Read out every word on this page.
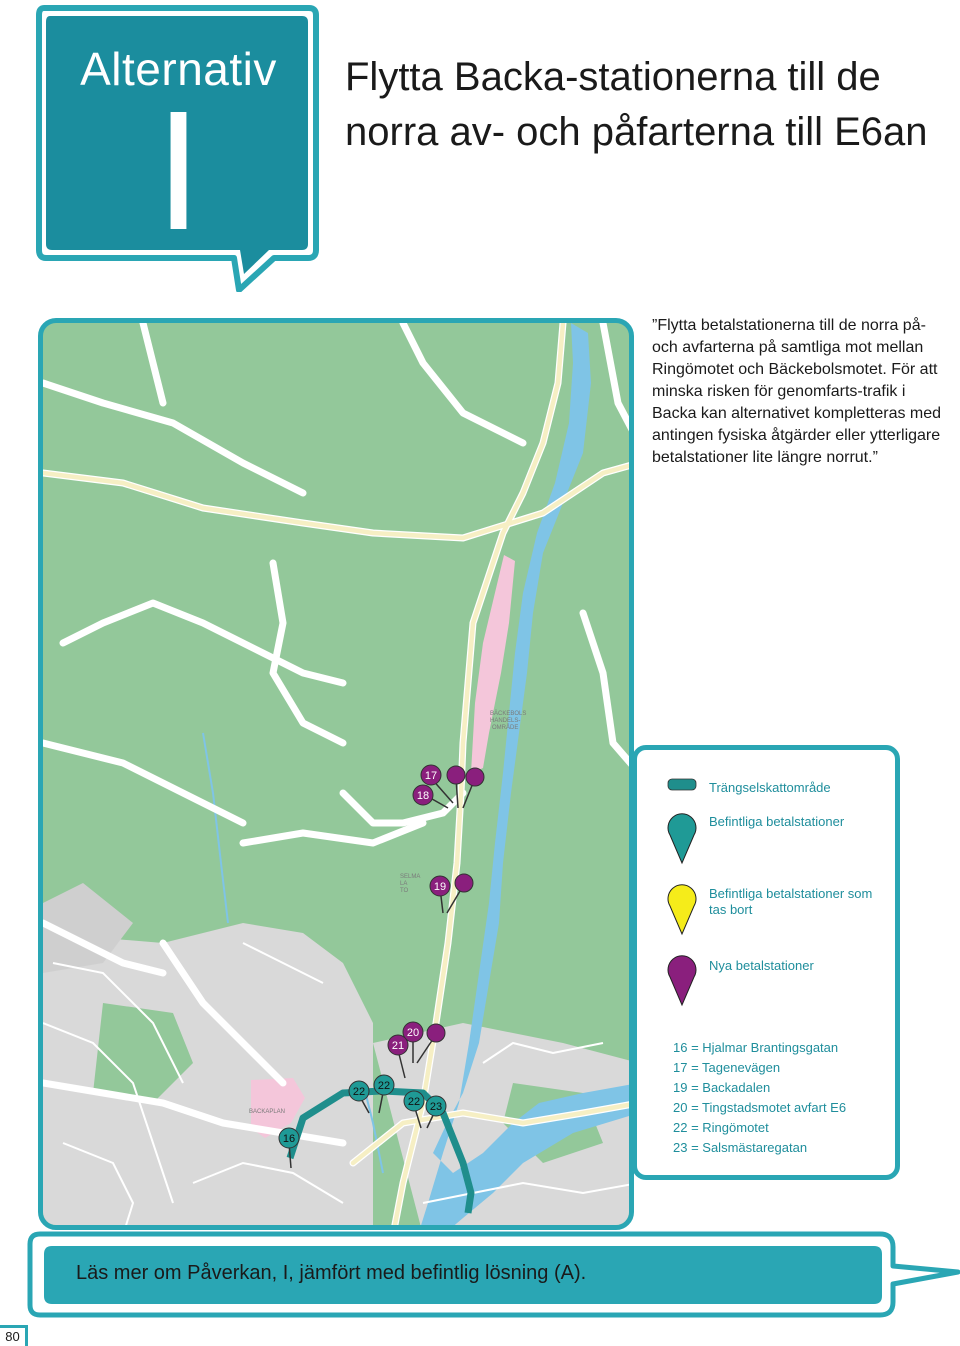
Alternativ
I	Flytta Backa-stationerna till de norra av- och påfarterna till E6an
BÄCKEBOLS
HANDELS-
OMRÅDE
BACKAPLAN
SELMA
LA
TO
17
18
19
20
21
22 22
22 23
16

”Flytta betalstationerna till de norra på- och avfarterna på samtliga mot mellan Ringömotet och Bäckebolsmotet. För att minska risken för genomfarts-trafik i Backa kan alternativet kompletteras med antingen fysiska åtgärder eller ytterligare betalstationer lite längre norrut.”

Trängselskattområde
Befintliga betalstationer
Befintliga betalstationer som tas bort
Nya betalstationer
16 = Hjalmar Brantingsgatan
17 = Tagenevägen
19 = Backadalen
20 = Tingstadsmotet avfart E6
22 = Ringömotet
23 = Salsmästaregatan

Läs mer om Påverkan, I, jämfört med befintlig lösning (A).

80
